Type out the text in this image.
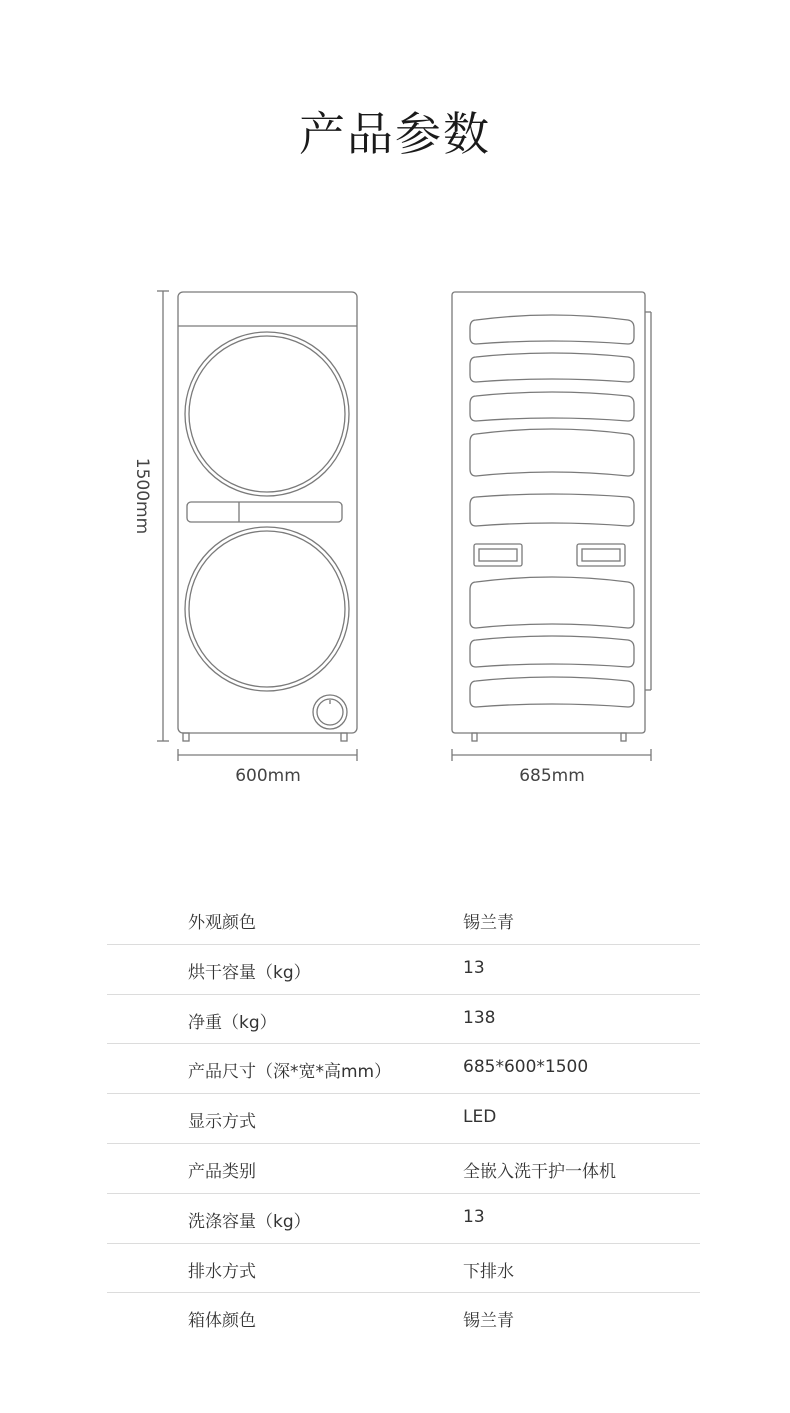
产品参数
1500mm
600mm	685mm
外观颜色	锡兰青
烘干容量（kg）	13
净重（kg）	138
产品尺寸（深*宽*高mm）	685*600*1500
显示方式	LED
产品类别	全嵌入洗干护一体机
洗涤容量（kg）	13
排水方式	下排水
箱体颜色	锡兰青
